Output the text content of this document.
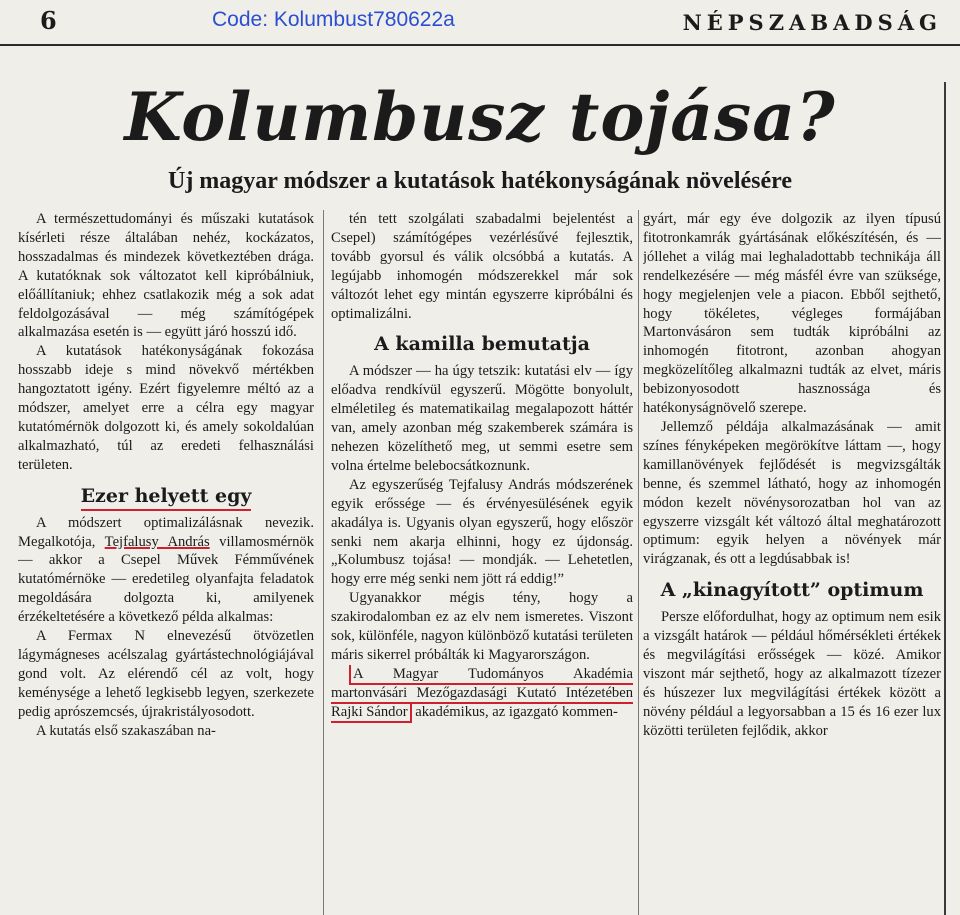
6	Code: Kolumbust780622a	NÉPSZABADSÁG
Kolumbusz tojása?
Új magyar módszer a kutatások hatékonyságának növelésére

A természettudományi és műszaki kutatások kísérleti része általában nehéz, kockázatos, hosszadalmas és mindezek következtében drága. A kutatóknak sok változatot kell kipróbálniuk, előállítaniuk; ehhez csatlakozik még a sok adat feldolgozásával — még számítógépek alkalmazása esetén is — együtt járó hosszú idő.

A kutatások hatékonyságának fokozása hosszabb ideje s mind növekvő mértékben hangoztatott igény. Ezért figyelemre méltó az a módszer, amelyet erre a célra egy magyar kutatómérnök dolgozott ki, és amely sokoldalúan alkalmazható, túl az eredeti felhasználási területen.

Ezer helyett egy

A módszert optimalizálásnak nevezik. Megalkotója, Tejfalusy András villamosmérnök — akkor a Csepel Művek Fémművének kutatómérnöke — eredetileg olyanfajta feladatok megoldására dolgozta ki, amilyenek érzékeltetésére a következő példa alkalmas:

A Fermax N elnevezésű ötvözetlen lágymágneses acélszalag gyártástechnológiájával gond volt. Az elérendő cél az volt, hogy keménysége a lehető legkisebb legyen, szerkezete pedig aprószemcsés, újrakristályosodott.

A kutatás első szakaszában na-

tén tett szolgálati szabadalmi bejelentést a Csepel) számítógépes vezérlésűvé fejlesztik, tovább gyorsul és válik olcsóbbá a kutatás. A legújabb inhomogén módszerekkel már sok változót lehet egy mintán egyszerre kipróbálni és optimalizálni.

A kamilla bemutatja

A módszer — ha úgy tetszik: kutatási elv — így előadva rendkívül egyszerű. Mögötte bonyolult, elméletileg és matematikailag megalapozott háttér van, amely azonban még szakemberek számára is nehezen közelíthető meg, ut semmi esetre sem volna értelme belebocsátkoznunk.

Az egyszerűség Tejfalusy András módszerének egyik erőssége — és érvényesülésének egyik akadálya is. Ugyanis olyan egyszerű, hogy először senki nem akarja elhinni, hogy ez újdonság. „Kolumbusz tojása! — mondják. — Lehetetlen, hogy erre még senki nem jött rá eddig!”

Ugyanakkor mégis tény, hogy a szakirodalomban ez az elv nem ismeretes. Viszont sok, különféle, nagyon különböző kutatási területen máris sikerrel próbálták ki Magyarországon.

A Magyar Tudományos Akadémia martonvásári Mezőgazdasági Kutató Intézetében Rajki Sándor akadémikus, az igazgató kommen-

gyárt, már egy éve dolgozik az ilyen típusú fitotronkamrák gyártásának előkészítésén, és — jóllehet a világ mai leghaladottabb technikája áll rendelkezésére — még másfél évre van szüksége, hogy megjelenjen vele a piacon. Ebből sejthető, hogy tökéletes, végleges formájában Martonvásáron sem tudták kipróbálni az inhomogén fitotront, azonban ahogyan megközelítőleg alkalmazni tudták az elvet, máris bebizonyosodott hasznossága és hatékonyságnövelő szerepe.

Jellemző példája alkalmazásának — amit színes fényképeken megörökítve láttam —, hogy kamillanövények fejlődését is megvizsgálták benne, és szemmel látható, hogy az inhomogén módon kezelt növénysorozatban hol van az egyszerre vizsgált két változó által meghatározott optimum: egyik helyen a növények már virágzanak, és ott a legdúsabbak is!

A „kinagyított” optimum

Persze előfordulhat, hogy az optimum nem esik a vizsgált határok — például hőmérsékleti értékek és megvilágítási erősségek — közé. Amikor viszont már sejthető, hogy az alkalmazott tízezer és húszezer lux megvilágítási értékek között a növény például a legyorsabban a 15 és 16 ezer lux közötti területen fejlődik, akkor
